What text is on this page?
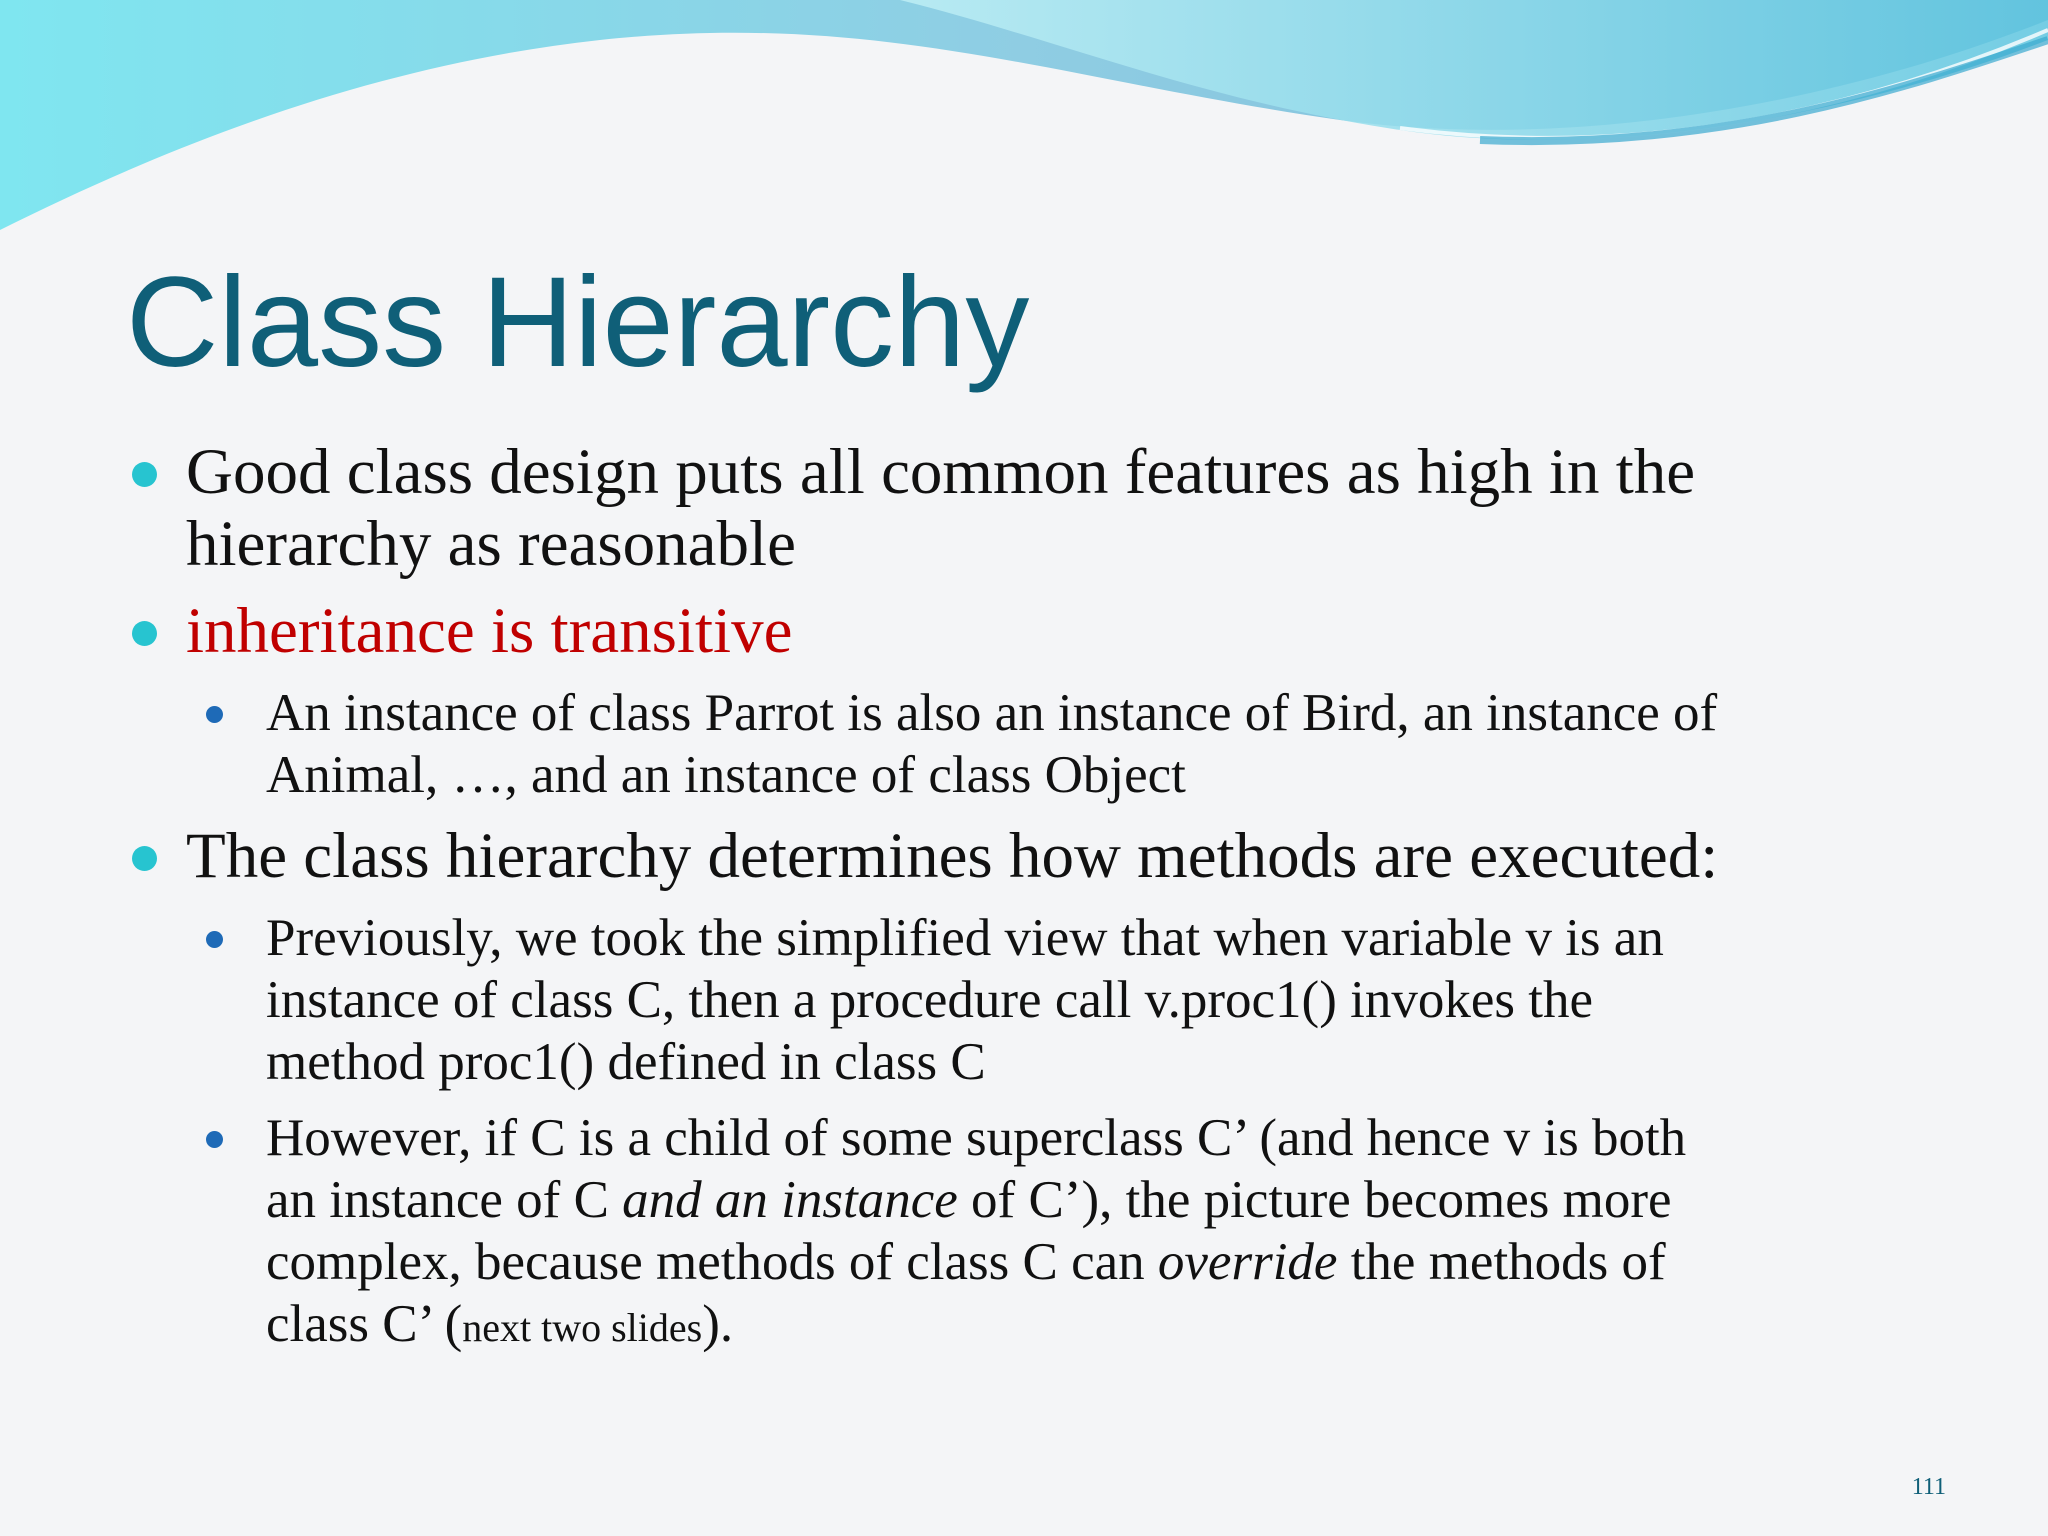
Class Hierarchy
Good class design puts all common features as high in the
hierarchy as reasonable
inheritance is transitive
An instance of class Parrot is also an instance of Bird, an instance of
Animal, …, and an instance of class Object
The class hierarchy determines how methods are executed:
Previously, we took the simplified view that when variable v is an
instance of class C, then a procedure call v.proc1() invokes the
method proc1() defined in class C
However, if C is a child of some superclass C’ (and hence v is both
an instance of C and an instance of C’), the picture becomes more
complex, because methods of class C can override the methods of
class C’ (next two slides).
111
